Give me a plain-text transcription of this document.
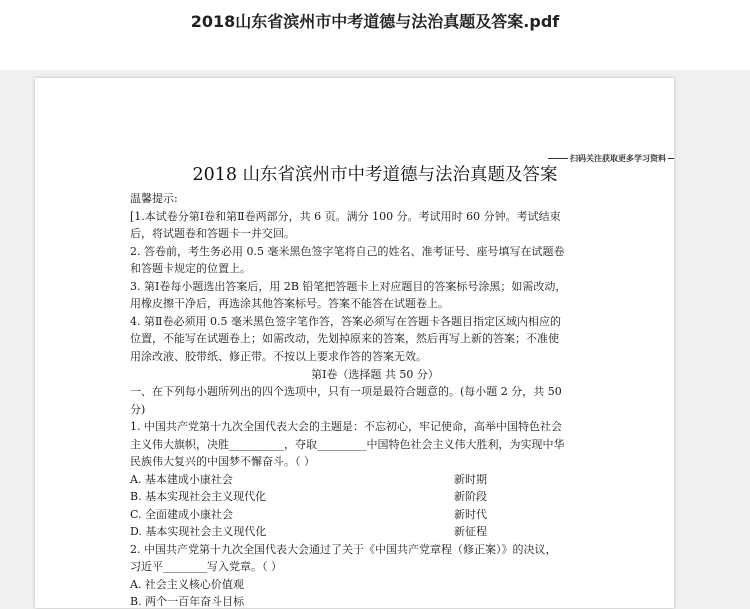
2018山东省滨州市中考道德与法治真题及答案.pdf
扫码关注获取更多学习资料
2018 山东省滨州市中考道德与法治真题及答案
温馨提示:
[1.本试卷分第Ⅰ卷和第Ⅱ卷两部分，共 6 页。满分 100 分。考试用时 60 分钟。考试结束
后，将试题卷和答题卡一并交回。
2. 答卷前，考生务必用 0.5 毫米黑色签字笔将自己的姓名、准考证号、座号填写在试题卷
和答题卡规定的位置上。
3. 第Ⅰ卷每小题选出答案后，用 2B 铅笔把答题卡上对应题目的答案标号涂黑；如需改动，
用橡皮擦干净后，再选涂其他答案标号。答案不能答在试题卷上。
4. 第Ⅱ卷必须用 0.5 毫米黑色签字笔作答，答案必须写在答题卡各题目指定区域内相应的
位置，不能写在试题卷上；如需改动，先划掉原来的答案，然后再写上新的答案；不准使
用涂改液、胶带纸、修正带。不按以上要求作答的答案无效。
第Ⅰ卷（选择题 共 50 分）
一、在下列每小题所列出的四个选项中，只有一项是最符合题意的。(每小题 2 分，共 50
分)
1. 中国共产党第十九次全国代表大会的主题是：不忘初心，牢记使命，高举中国特色社会
主义伟大旗帜，决胜__________，夺取_________中国特色社会主义伟大胜利，为实现中华
民族伟大复兴的中国梦不懈奋斗。（ ）
A. 基本建成小康社会	新时期
B. 基本实现社会主义现代化	新阶段
C. 全面建成小康社会	新时代
D. 基本实现社会主义现代化	新征程
2. 中国共产党第十九次全国代表大会通过了关于《中国共产党章程（修正案）》的决议，
习近平________写入党章。（ ）
A. 社会主义核心价值观
B. 两个一百年奋斗目标
